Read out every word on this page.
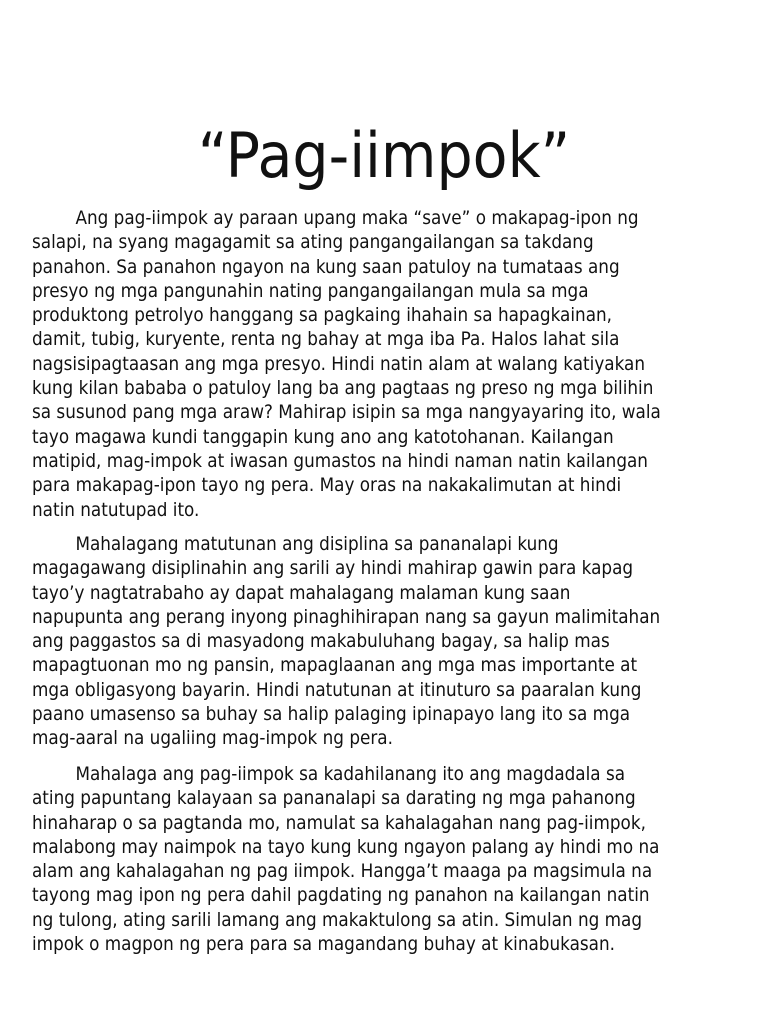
“Pag-iimpok”
Ang pag-iimpok ay paraan upang maka “save” o makapag-ipon ng
salapi, na syang magagamit sa ating pangangailangan sa takdang
panahon. Sa panahon ngayon na kung saan patuloy na tumataas ang
presyo ng mga pangunahin nating pangangailangan mula sa mga
produktong petrolyo hanggang sa pagkaing ihahain sa hapagkainan,
damit, tubig, kuryente, renta ng bahay at mga iba Pa. Halos lahat sila
nagsisipagtaasan ang mga presyo. Hindi natin alam at walang katiyakan
kung kilan bababa o patuloy lang ba ang pagtaas ng preso ng mga bilihin
sa susunod pang mga araw? Mahirap isipin sa mga nangyayaring ito, wala
tayo magawa kundi tanggapin kung ano ang katotohanan. Kailangan
matipid, mag-impok at iwasan gumastos na hindi naman natin kailangan
para makapag-ipon tayo ng pera. May oras na nakakalimutan at hindi
natin natutupad ito.
Mahalagang matutunan ang disiplina sa pananalapi kung
magagawang disiplinahin ang sarili ay hindi mahirap gawin para kapag
tayo’y nagtatrabaho ay dapat mahalagang malaman kung saan
napupunta ang perang inyong pinaghihirapan nang sa gayun malimitahan
ang paggastos sa di masyadong makabuluhang bagay, sa halip mas
mapagtuonan mo ng pansin, mapaglaanan ang mga mas importante at
mga obligasyong bayarin. Hindi natutunan at itinuturo sa paaralan kung
paano umasenso sa buhay sa halip palaging ipinapayo lang ito sa mga
mag-aaral na ugaliing mag-impok ng pera.
Mahalaga ang pag-iimpok sa kadahilanang ito ang magdadala sa
ating papuntang kalayaan sa pananalapi sa darating ng mga pahanong
hinaharap o sa pagtanda mo, namulat sa kahalagahan nang pag-iimpok,
malabong may naimpok na tayo kung kung ngayon palang ay hindi mo na
alam ang kahalagahan ng pag iimpok. Hangga’t maaga pa magsimula na
tayong mag ipon ng pera dahil pagdating ng panahon na kailangan natin
ng tulong, ating sarili lamang ang makaktulong sa atin. Simulan ng mag
impok o magpon ng pera para sa magandang buhay at kinabukasan.
